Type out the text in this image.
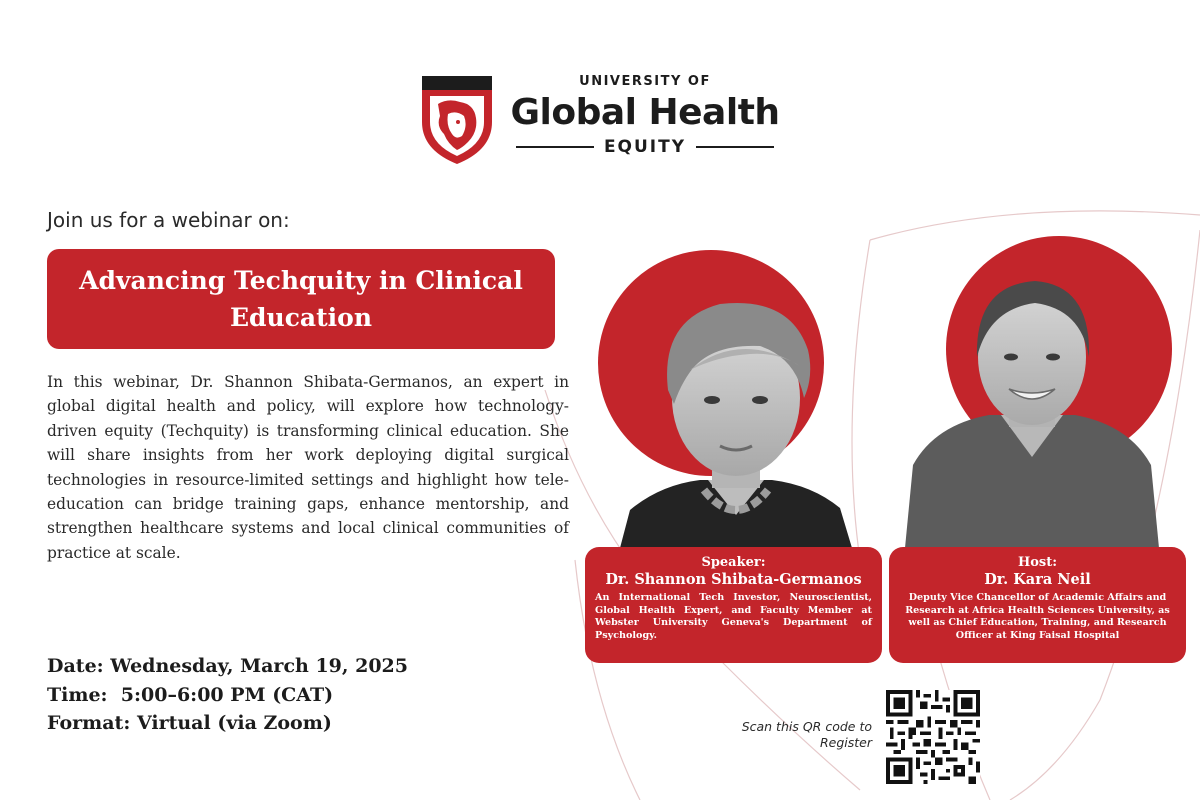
UNIVERSITY OF
Global Health
EQUITY
Join us for a webinar on:
Advancing Techquity in Clinical Education
In this webinar, Dr. Shannon Shibata-Germanos, an expert in global digital health and policy, will explore how technology-driven equity (Techquity) is transforming clinical education. She will share insights from her work deploying digital surgical technologies in resource-limited settings and highlight how tele-education can bridge training gaps, enhance mentorship, and strengthen healthcare systems and local clinical communities of practice at scale.
Date: Wednesday, March 19, 2025
Time:  5:00–6:00 PM (CAT)
Format: Virtual (via Zoom)
Speaker:
Dr. Shannon Shibata-Germanos
An International Tech Investor, Neuroscientist, Global Health Expert, and Faculty Member at Webster University Geneva's Department of Psychology.
Host:
Dr. Kara Neil
Deputy Vice Chancellor of Academic Affairs and Research at Africa Health Sciences University, as well as Chief Education, Training, and Research Officer at King Faisal Hospital
Scan this QR code to Register
